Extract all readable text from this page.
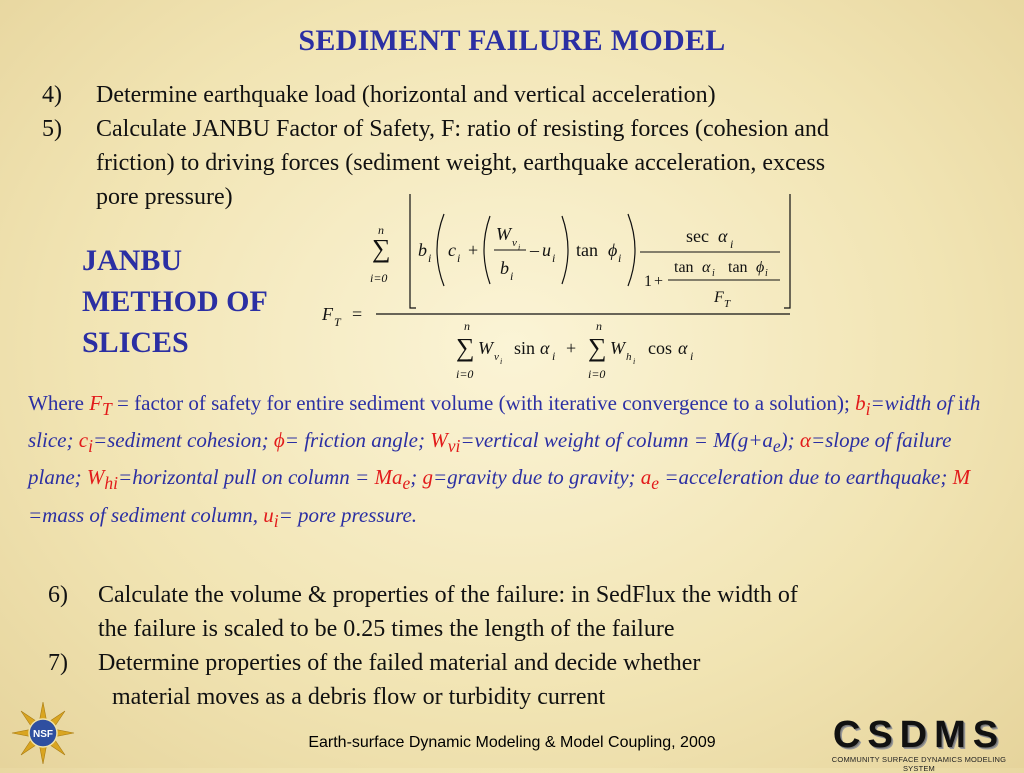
SEDIMENT FAILURE MODEL
4) Determine earthquake load (horizontal and vertical acceleration)
5) Calculate JANBU Factor of Safety, F: ratio of resisting forces (cohesion and
friction) to driving forces (sediment weight, earthquake acceleration, excess
pore pressure)
JANBU
METHOD OF
SLICES
F T =
n
∑
i=0
b i c i +
W v i
b i
– u i tan ϕ i
sec α i
tan α i tan ϕ i
1 +
F T
n
∑
i=0
W v i
sin α i +
n
∑
i=0
W h i
cos α i
Where $F_T$ = factor of safety for entire sediment volume (with iterative convergence to a solution); $b_i=width$ of ith slice; $c_i=sediment$ cohesion; ϕ= friction angle; $W_{vi}=vertical$ weight of column = $M(g+a_e)$; α=slope of failure plane; $W_{hi}=horizontal$ pull on column = $Ma_e$; g=gravity due to gravity; $a_e$ =acceleration due to earthquake; M =mass of sediment column, $u_i=$ pore pressure.
6) Calculate the volume & properties of the failure: in SedFlux the width of
the failure is scaled to be 0.25 times the length of the failure
7) Determine properties of the failed material and decide whether
material moves as a debris flow or turbidity current
NSF	Earth-surface Dynamic Modeling & Model Coupling, 2009	CSDMS
COMMUNITY SURFACE DYNAMICS MODELING SYSTEM
